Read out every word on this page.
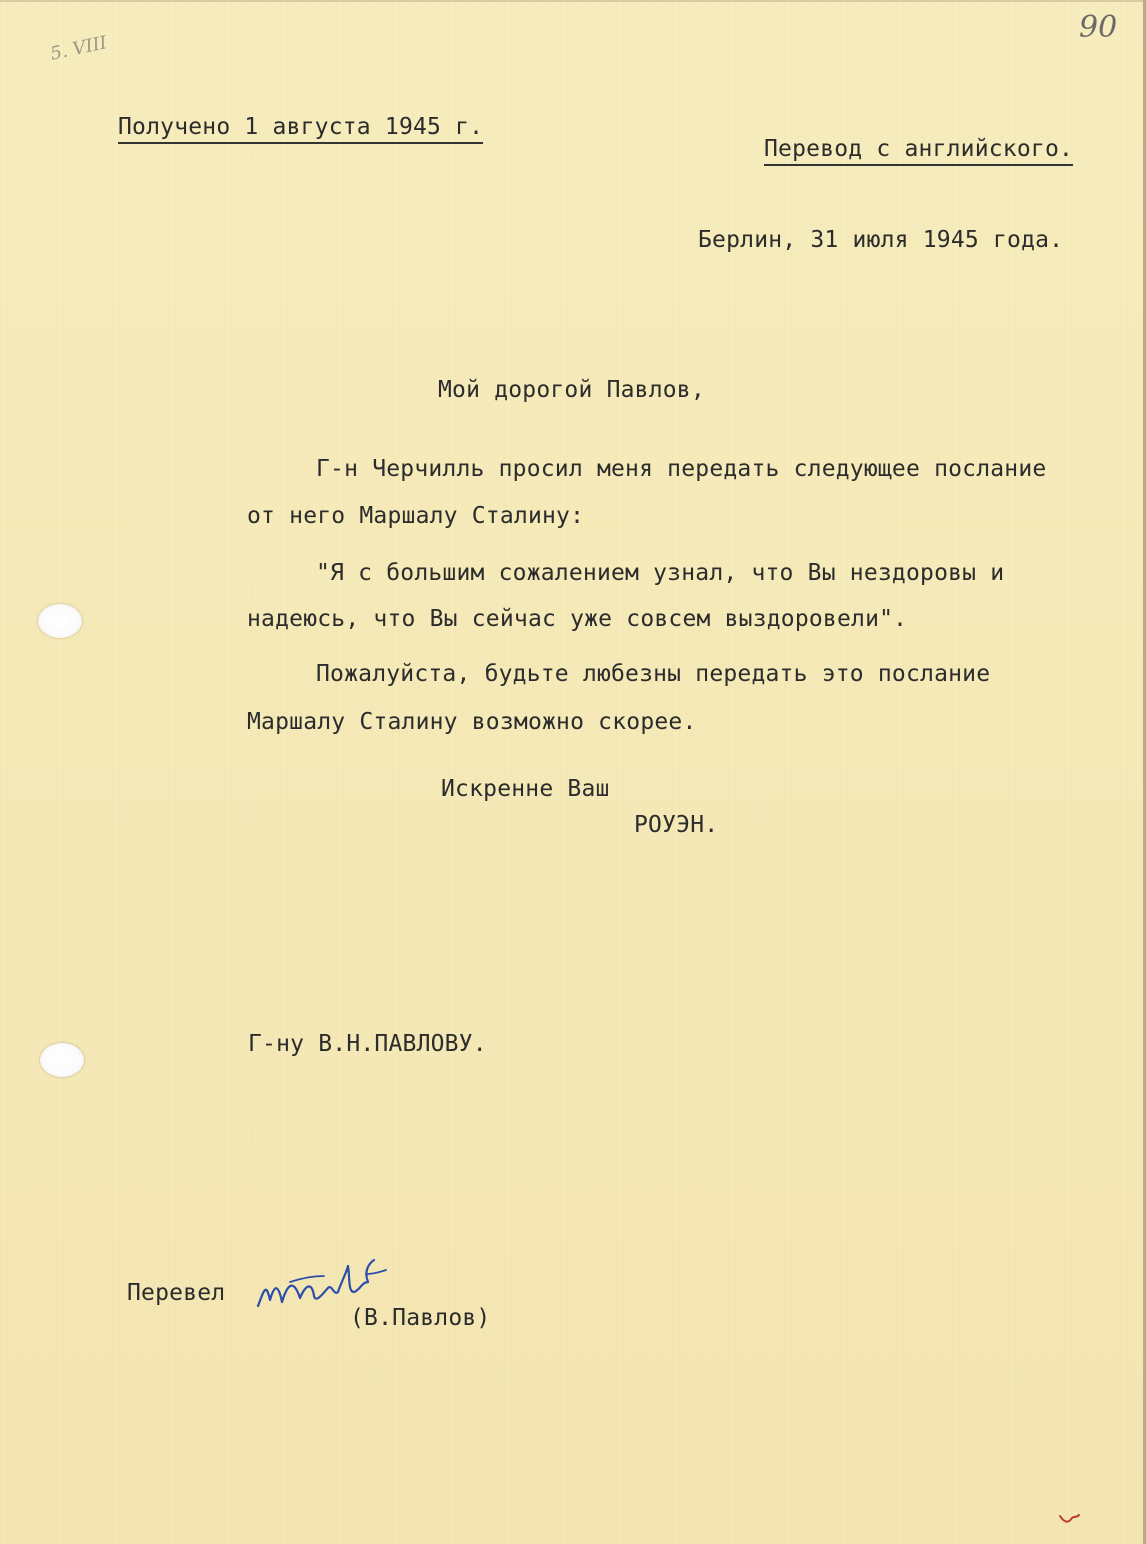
90
5. VIII
Получено 1 августа 1945 г.
Перевод с английского.
Берлин, 31 июля 1945 года.
Мой дорогой Павлов,
Г-н Черчилль просил меня передать следующее послание
от него Маршалу Сталину:
"Я с большим сожалением узнал, что Вы нездоровы и
надеюсь, что Вы сейчас уже совсем выздоровели".
Пожалуйста, будьте любезны передать это послание
Маршалу Сталину возможно скорее.
Искренне Ваш
РОУЭН.
Г-ну В.Н.ПАВЛОВУ.
Перевел
(В.Павлов)
